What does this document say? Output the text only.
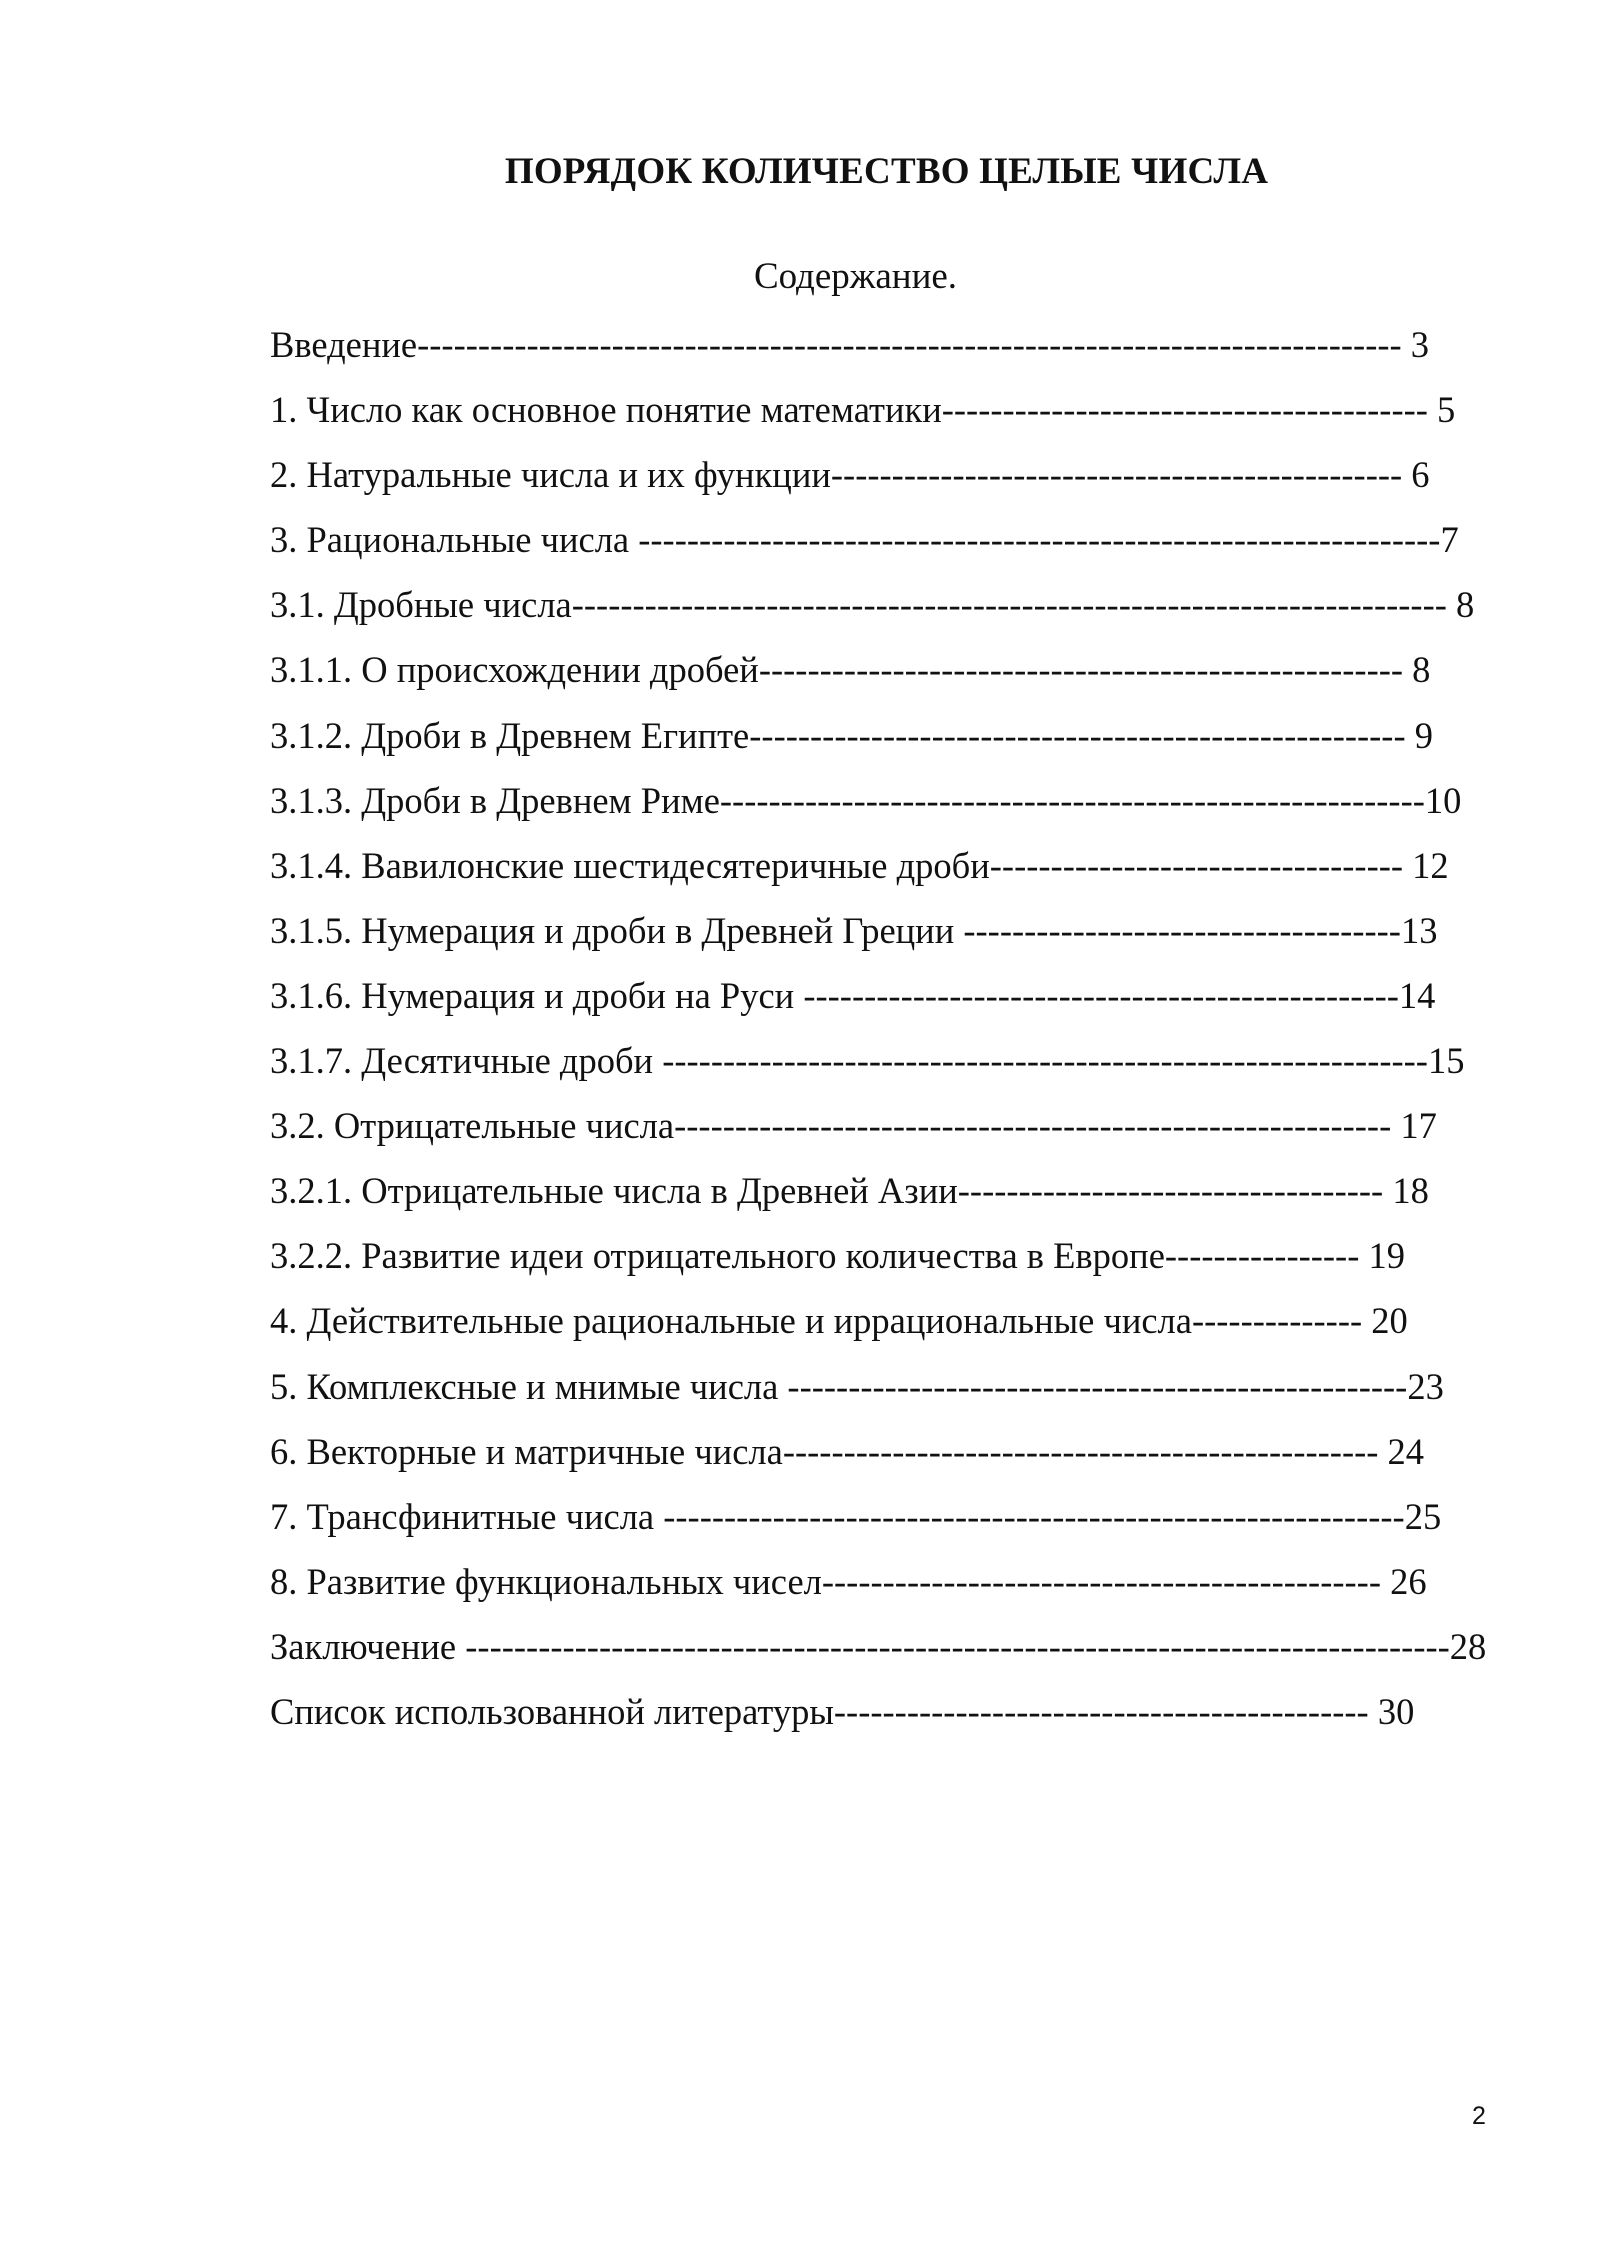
ПОРЯДОК КОЛИЧЕСТВО ЦЕЛЫЕ ЧИСЛА
Содержание.
Введение--------------------------------------------------------------------------------- 3
1. Число как основное понятие математики---------------------------------------- 5
2. Натуральные числа и их функции----------------------------------------------- 6
3. Рациональные числа ------------------------------------------------------------------7
3.1. Дробные числа------------------------------------------------------------------------ 8
3.1.1. О происхождении дробей----------------------------------------------------- 8
3.1.2. Дроби в Древнем Египте------------------------------------------------------ 9
3.1.3. Дроби в Древнем Риме----------------------------------------------------------10
3.1.4. Вавилонские шестидесятеричные дроби---------------------------------- 12
3.1.5. Нумерация и дроби в Древней Греции ------------------------------------13
3.1.6. Нумерация и дроби на Руси -------------------------------------------------14
3.1.7. Десятичные дроби ---------------------------------------------------------------15
3.2. Отрицательные числа----------------------------------------------------------- 17
3.2.1. Отрицательные числа в Древней Азии----------------------------------- 18
3.2.2. Развитие идеи отрицательного количества в Европе---------------- 19
4. Действительные рациональные и иррациональные числа-------------- 20
5. Комплексные и мнимые числа ---------------------------------------------------23
6. Векторные и матричные числа------------------------------------------------- 24
7. Трансфинитные числа -------------------------------------------------------------25
8. Развитие функциональных чисел---------------------------------------------- 26
Заключение ---------------------------------------------------------------------------------28
Список использованной литературы-------------------------------------------- 30
2
